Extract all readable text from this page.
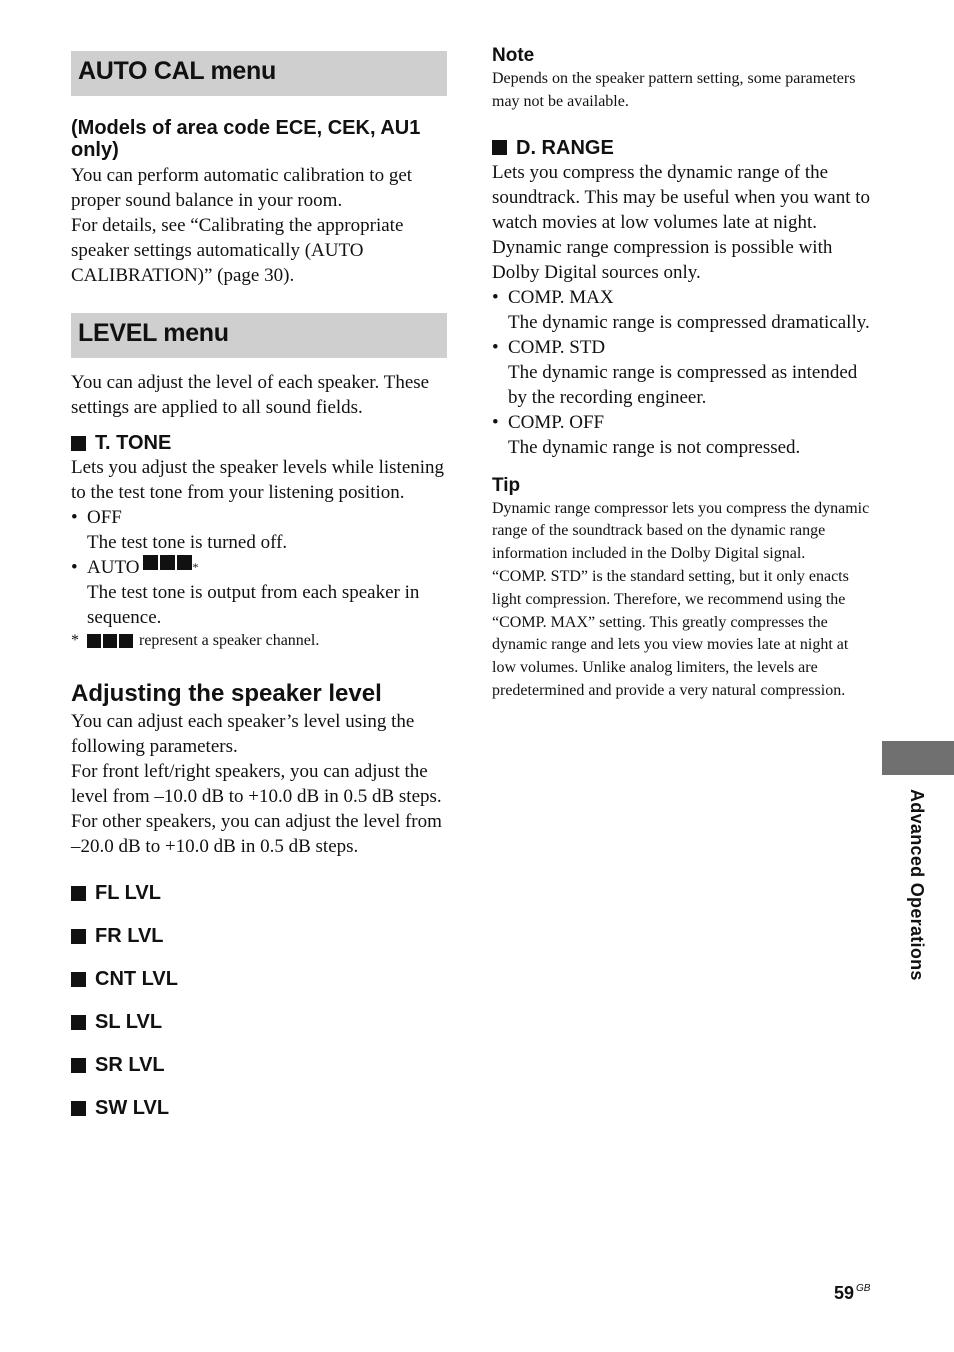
AUTO CAL menu
(Models of area code ECE, CEK, AU1 only)

You can perform automatic calibration to get proper sound balance in your room.

For details, see “Calibrating the appropriate speaker settings automatically (AUTO CALIBRATION)” (page 30).

LEVEL menu

You can adjust the level of each speaker. These settings are applied to all sound fields.

T. TONE

Lets you adjust the speaker levels while listening to the test tone from your listening position.

• OFF
The test tone is turned off.
• AUTO	*
The test tone is output from each speaker in sequence.
*	represent a speaker channel.
Adjusting the speaker level

You can adjust each speaker’s level using the following parameters.

For front left/right speakers, you can adjust the level from –10.0 dB to +10.0 dB in 0.5 dB steps. For other speakers, you can adjust the level from –20.0 dB to +10.0 dB in 0.5 dB steps.

FL LVL
FR LVL
CNT LVL
SL LVL
SR LVL
SW LVL
Note

Depends on the speaker pattern setting, some parameters may not be available.

D. RANGE

Lets you compress the dynamic range of the soundtrack. This may be useful when you want to watch movies at low volumes late at night. Dynamic range compression is possible with Dolby Digital sources only.

• COMP. MAX
The dynamic range is compressed dramatically.
• COMP. STD
The dynamic range is compressed as intended by the recording engineer.
• COMP. OFF
The dynamic range is not compressed.
Tip

Dynamic range compressor lets you compress the dynamic range of the soundtrack based on the dynamic range information included in the Dolby Digital signal.

“COMP. STD” is the standard setting, but it only enacts light compression. Therefore, we recommend using the “COMP. MAX” setting. This greatly compresses the dynamic range and lets you view movies late at night at low volumes. Unlike analog limiters, the levels are predetermined and provide a very natural compression.

Advanced Operations
59 $^{GB}$
